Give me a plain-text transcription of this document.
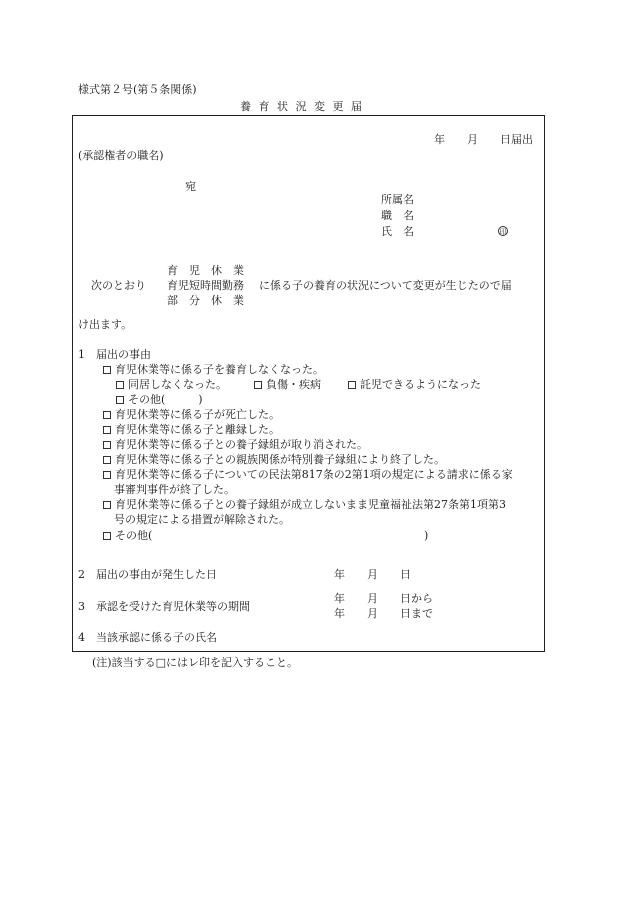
様式第２号(第５条関係)
養 育 状 況 変 更 届
年　　月　　日届出
(承認権者の職名)
宛
所属名
職　名
氏　名	印
次のとおり
育　児　休　業
育児短時間勤務
部　分　休　業
に係る子の養育の状況について変更が生じたので届
け出ます。
1　届出の事由
育児休業等に係る子を養育しなくなった。
同居しなくなった。	負傷・疾病	託児できるようになった
その他(　　　)
育児休業等に係る子が死亡した。
育児休業等に係る子と離縁した。
育児休業等に係る子との養子縁組が取り消された。
育児休業等に係る子との親族関係が特別養子縁組により終了した。
育児休業等に係る子についての民法第817条の2第1項の規定による請求に係る家
事審判事件が終了した。
育児休業等に係る子との養子縁組が成立しないまま児童福祉法第27条第1項第3
号の規定による措置が解除された。
その他(	)
2　届出の事由が発生した日	年　　月　　日
3　承認を受けた育児休業等の期間
年　　月　　日から
年　　月　　日まで
4　当該承認に係る子の氏名
(注)該当する□にはレ印を記入すること。
